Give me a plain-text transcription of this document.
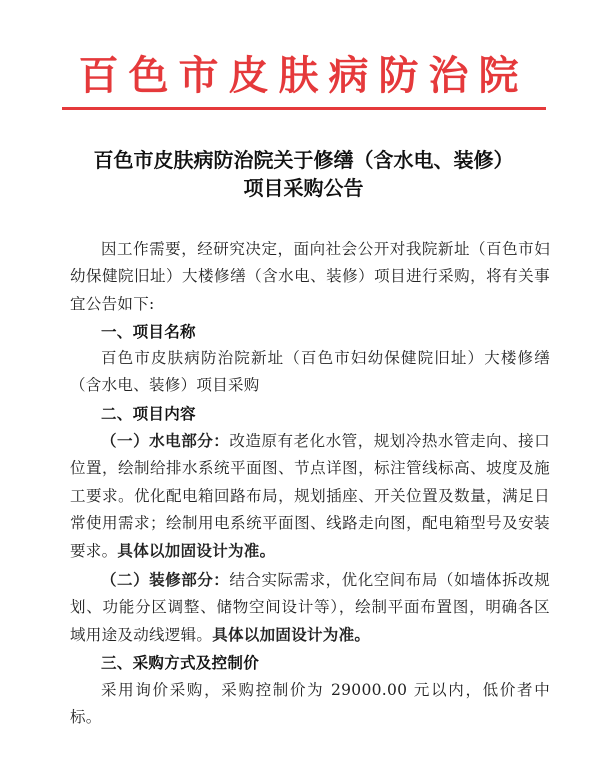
百色市皮肤病防治院
百色市皮肤病防治院关于修缮（含水电、装修）
项目采购公告

因工作需要，经研究决定，面向社会公开对我院新址（百色市妇幼保健院旧址）大楼修缮（含水电、装修）项目进行采购，将有关事宜公告如下:

一、项目名称

百色市皮肤病防治院新址（百色市妇幼保健院旧址）大楼修缮（含水电、装修）项目采购

二、项目内容

（一）水电部分：改造原有老化水管，规划冷热水管走向、接口位置，绘制给排水系统平面图、节点详图，标注管线标高、坡度及施工要求。优化配电箱回路布局，规划插座、开关位置及数量，满足日常使用需求；绘制用电系统平面图、线路走向图，配电箱型号及安装要求。具体以加固设计为准。

（二）装修部分：结合实际需求，优化空间布局（如墙体拆改规划、功能分区调整、储物空间设计等），绘制平面布置图，明确各区域用途及动线逻辑。具体以加固设计为准。

三、采购方式及控制价

采用询价采购，采购控制价为 29000.00 元以内，低价者中标。
